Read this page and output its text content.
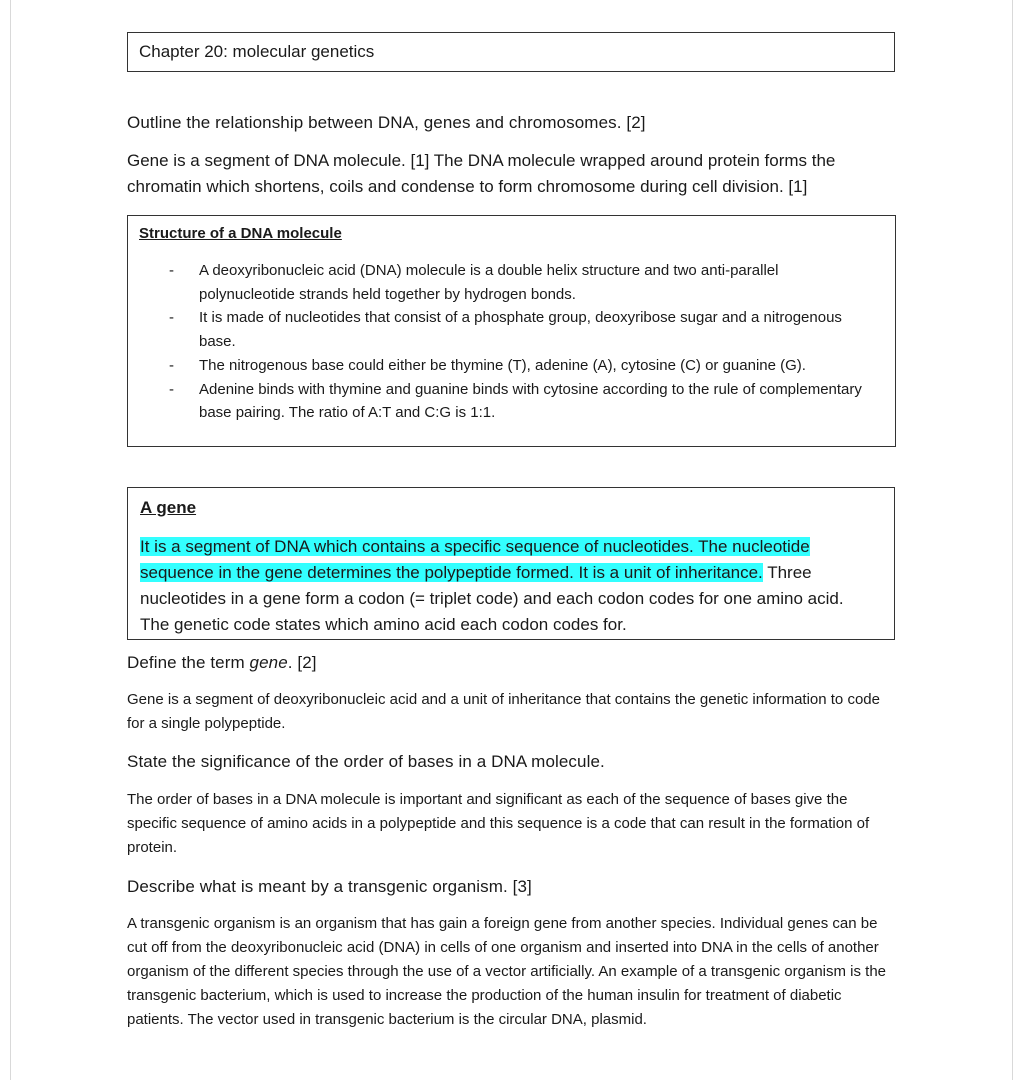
Chapter 20: molecular genetics
Outline the relationship between DNA, genes and chromosomes. [2]
Gene is a segment of DNA molecule. [1] The DNA molecule wrapped around protein forms the chromatin which shortens, coils and condense to form chromosome during cell division. [1]
Structure of a DNA molecule
- A deoxyribonucleic acid (DNA) molecule is a double helix structure and two anti-parallel polynucleotide strands held together by hydrogen bonds.
- It is made of nucleotides that consist of a phosphate group, deoxyribose sugar and a nitrogenous base.
- The nitrogenous base could either be thymine (T), adenine (A), cytosine (C) or guanine (G).
- Adenine binds with thymine and guanine binds with cytosine according to the rule of complementary base pairing. The ratio of A:T and C:G is 1:1.
A gene

It is a segment of DNA which contains a specific sequence of nucleotides. The nucleotide sequence in the gene determines the polypeptide formed. It is a unit of inheritance. Three nucleotides in a gene form a codon (= triplet code) and each codon codes for one amino acid. The genetic code states which amino acid each codon codes for.

Define the term gene. [2]
Gene is a segment of deoxyribonucleic acid and a unit of inheritance that contains the genetic information to code for a single polypeptide.
State the significance of the order of bases in a DNA molecule.
The order of bases in a DNA molecule is important and significant as each of the sequence of bases give the specific sequence of amino acids in a polypeptide and this sequence is a code that can result in the formation of protein.
Describe what is meant by a transgenic organism. [3]
A transgenic organism is an organism that has gain a foreign gene from another species. Individual genes can be cut off from the deoxyribonucleic acid (DNA) in cells of one organism and inserted into DNA in the cells of another organism of the different species through the use of a vector artificially. An example of a transgenic organism is the transgenic bacterium, which is used to increase the production of the human insulin for treatment of diabetic patients. The vector used in transgenic bacterium is the circular DNA, plasmid.
